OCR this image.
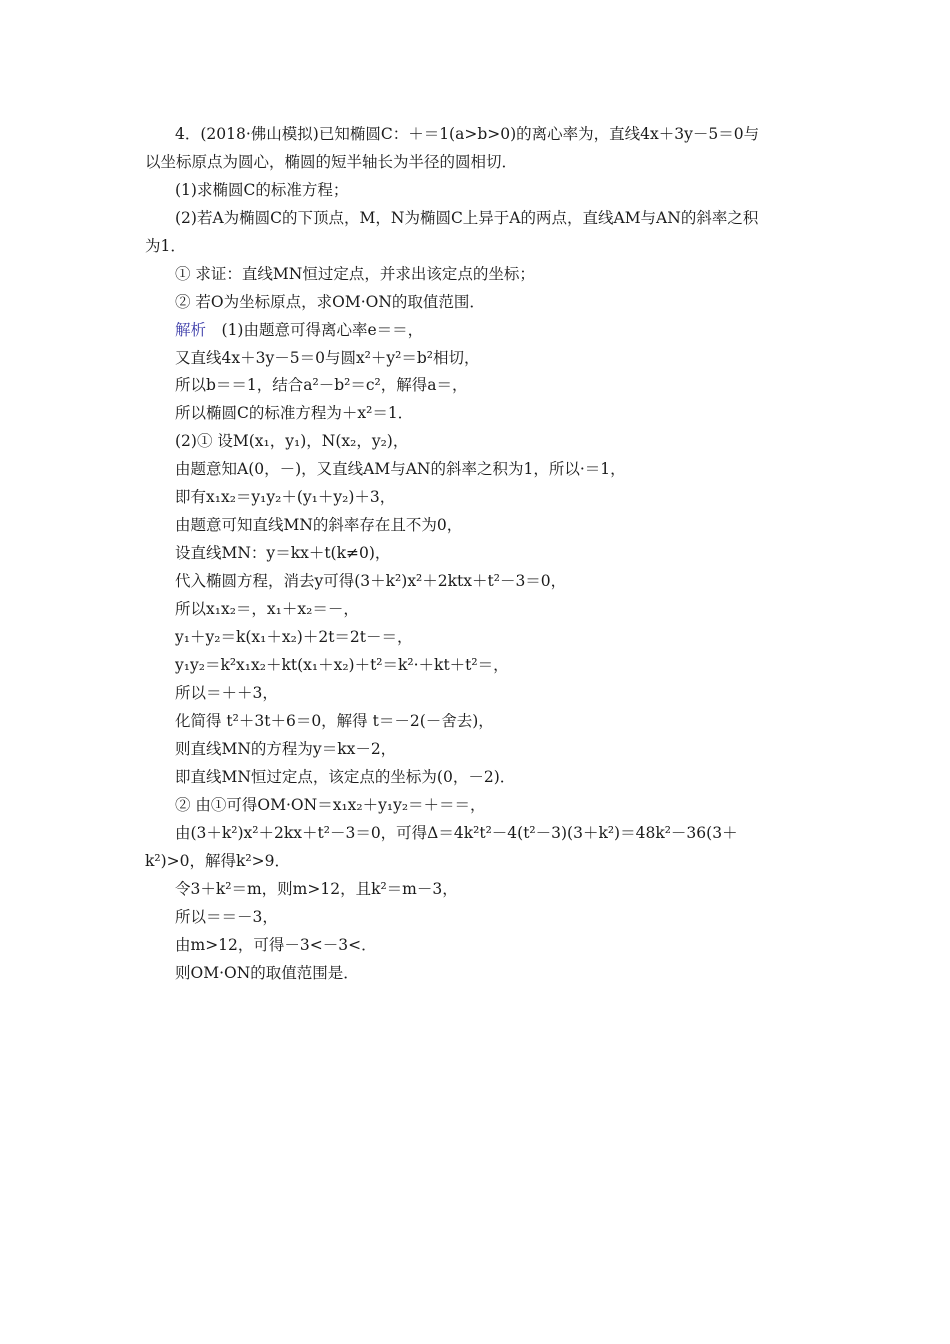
4．(2018·佛山模拟)已知椭圆C：＋＝1(a>b>0)的离心率为，直线4x＋3y－5＝0与
以坐标原点为圆心，椭圆的短半轴长为半径的圆相切．
(1)求椭圆C的标准方程；
(2)若A为椭圆C的下顶点，M，N为椭圆C上异于A的两点，直线AM与AN的斜率之积
为1．
① 求证：直线MN恒过定点，并求出该定点的坐标；
② 若O为坐标原点，求OM·ON的取值范围．
解析　(1)由题意可得离心率e＝＝，
又直线4x＋3y－5＝0与圆x²＋y²＝b²相切，
所以b＝＝1，结合a²－b²＝c²，解得a＝，
所以椭圆C的标准方程为＋x²＝1．
(2)① 设M(x₁，y₁)，N(x₂，y₂)，
由题意知A(0，－)，又直线AM与AN的斜率之积为1，所以·＝1，
即有x₁x₂＝y₁y₂＋(y₁＋y₂)＋3，
由题意可知直线MN的斜率存在且不为0，
设直线MN：y＝kx＋t(k≠0)，
代入椭圆方程，消去y可得(3＋k²)x²＋2ktx＋t²－3＝0，
所以x₁x₂＝，x₁＋x₂＝－，
y₁＋y₂＝k(x₁＋x₂)＋2t＝2t－＝，
y₁y₂＝k²x₁x₂＋kt(x₁＋x₂)＋t²＝k²·＋kt＋t²＝，
所以＝＋＋3，
化简得 t²＋3t＋6＝0，解得 t＝－2(－舍去)，
则直线MN的方程为y＝kx－2，
即直线MN恒过定点，该定点的坐标为(0，－2)．
② 由①可得OM·ON＝x₁x₂＋y₁y₂＝＋＝＝，
由(3＋k²)x²＋2kx＋t²－3＝0，可得Δ＝4k²t²－4(t²－3)(3＋k²)＝48k²－36(3＋
k²)>0，解得k²>9．
令3＋k²＝m，则m>12，且k²＝m－3，
所以＝＝－3，
由m>12，可得－3<－3<．
则OM·ON的取值范围是．
